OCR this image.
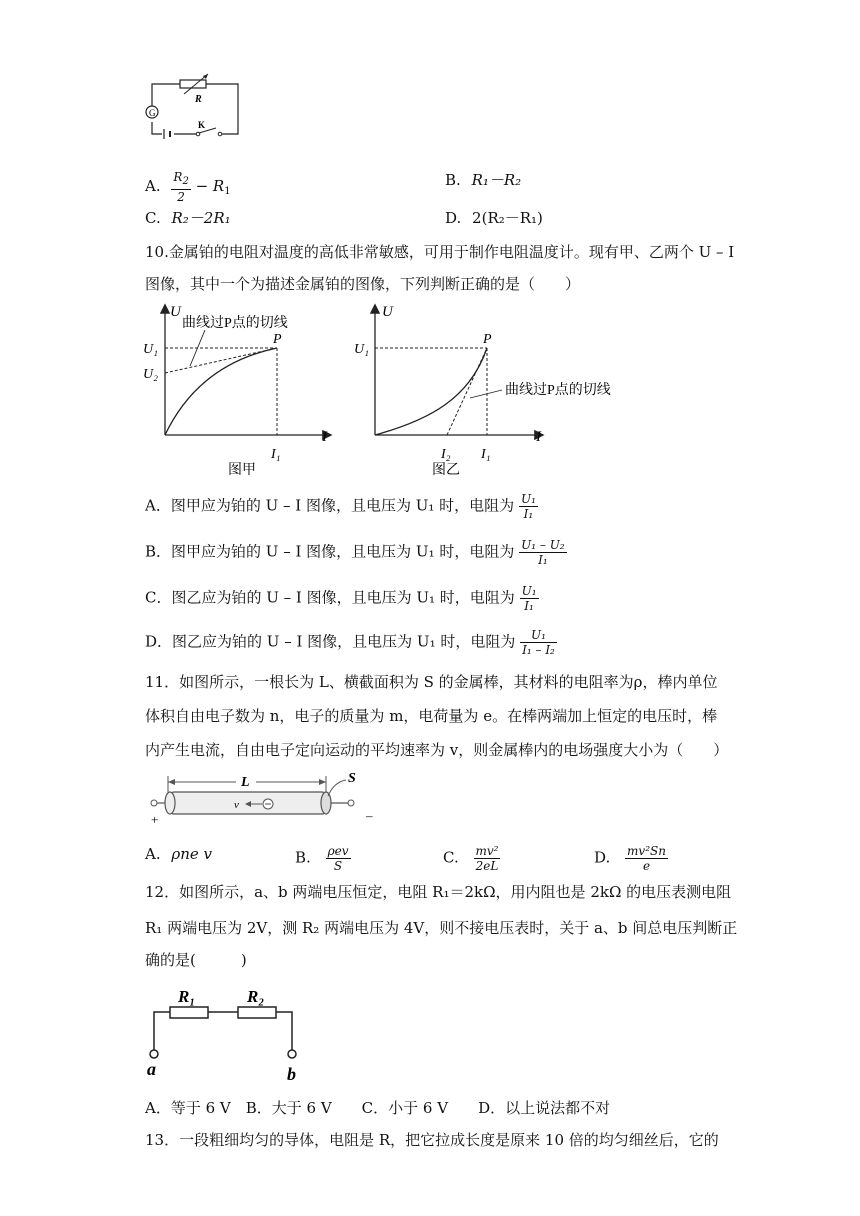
G
R
K
A. $\frac{R_2}{2} - R_1$
B. R₁－R₂
C. R₂－2R₁	D. 2(R₂－R₁)
10.金属铂的电阻对温度的高低非常敏感，可用于制作电阻温度计。现有甲、乙两个 U – I
图像，其中一个为描述金属铂的图像，下列判断正确的是（　　）
U
I
U₁
U₂
I₁
P
曲线过P点的切线
图甲
U
I
U₁
I₂ I₁
P
曲线过P点的切线
图乙
A．图甲应为铂的 U – I 图像，且电压为 U₁ 时，电阻为 $\frac{\text{U₁}}{\text{I₁}}$
B．图甲应为铂的 U – I 图像，且电压为 U₁ 时，电阻为 $\frac{\text{U₁ – U₂}}{\text{I₁}}$
C．图乙应为铂的 U – I 图像，且电压为 U₁ 时，电阻为 $\frac{\text{U₁}}{\text{I₁}}$
D．图乙应为铂的 U – I 图像，且电压为 U₁ 时，电阻为 $\frac{\text{U₁}}{\text{I₁ – I₂}}$
11．如图所示，一根长为 L、横截面积为 S 的金属棒，其材料的电阻率为ρ，棒内单位
体积自由电子数为 n，电子的质量为 m，电荷量为 e。在棒两端加上恒定的电压时，棒
内产生电流，自由电子定向运动的平均速率为 v，则金属棒内的电场强度大小为（　　）
L	S
v
+	–
A. ρne v	B. $\frac{\text{ρev}}{S}$	C. $\frac{\text{mv²}}{2eL}$	D. $\frac{\text{mv²Sn}}{e}$
12．如图所示，a、b 两端电压恒定，电阻 R₁＝2kΩ，用内阻也是 2kΩ 的电压表测电阻
R₁ 两端电压为 2V，测 R₂ 两端电压为 4V，则不接电压表时，关于 a、b 间总电压判断正
确的是(　　　)
R₁	R₂
a	b
A．等于 6 V　B．大于 6 V　　C．小于 6 V　　D．以上说法都不对
13．一段粗细均匀的导体，电阻是 R，把它拉成长度是原来 10 倍的均匀细丝后，它的
